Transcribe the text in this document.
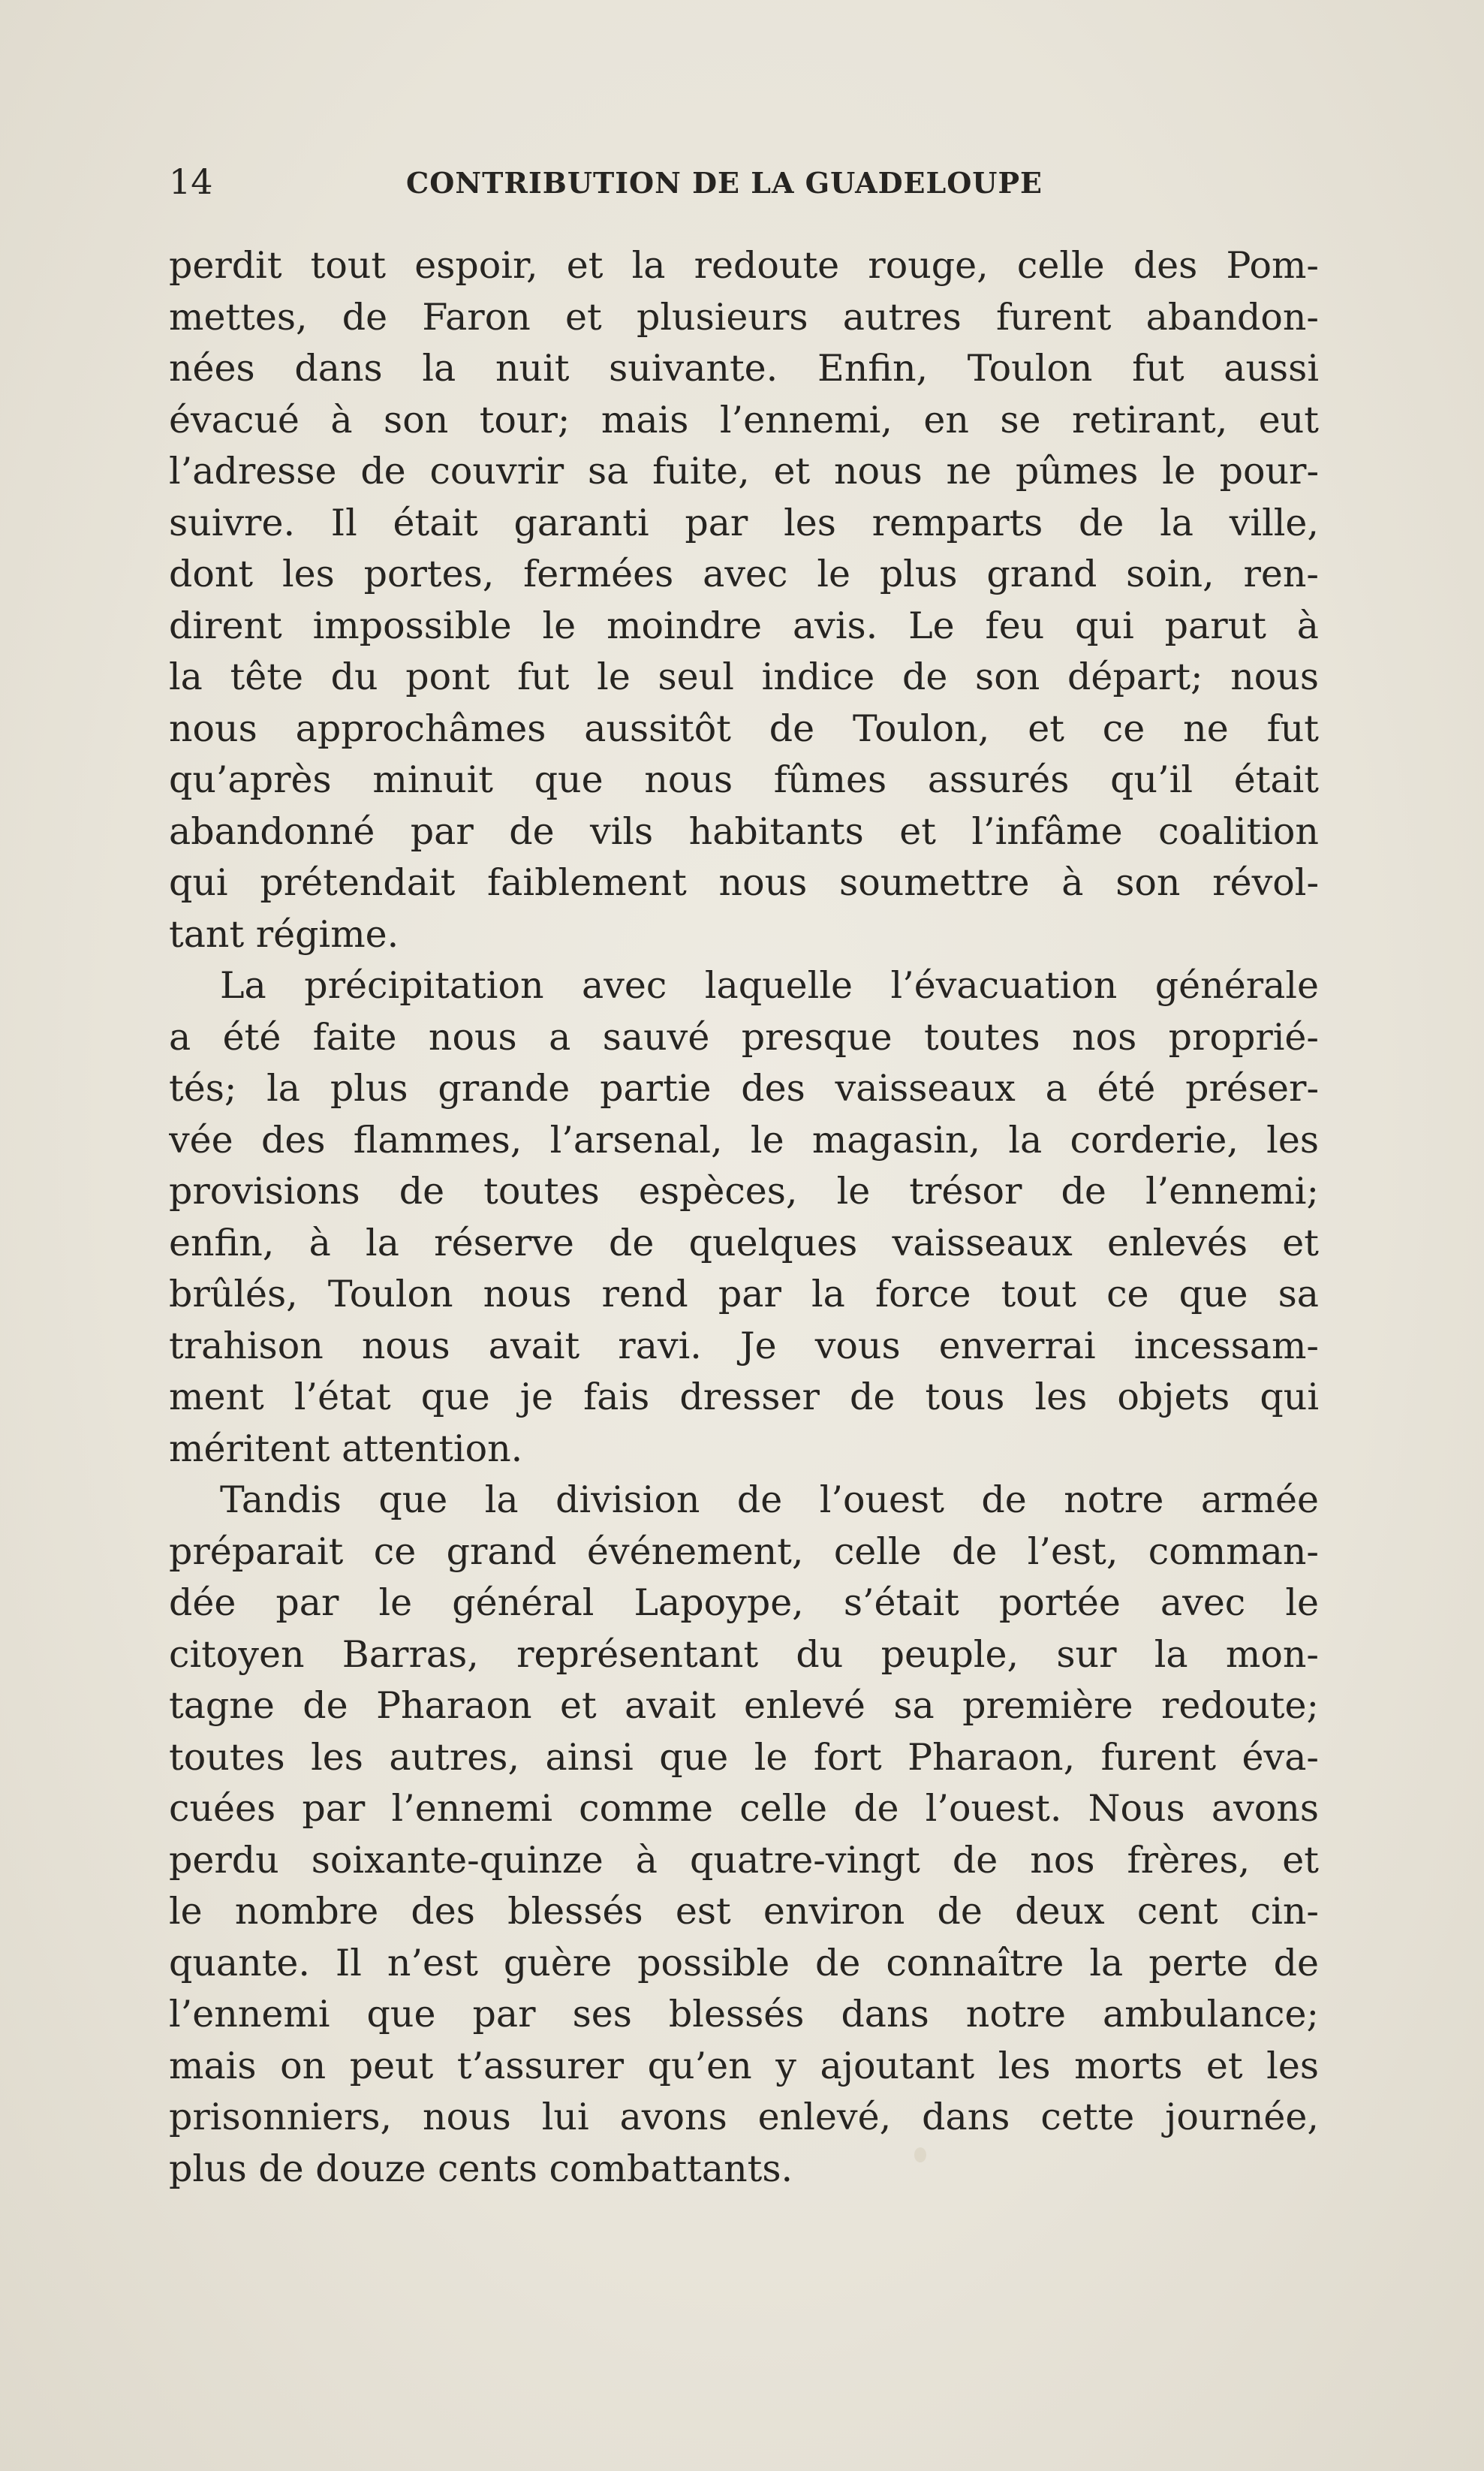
14	CONTRIBUTION DE LA GUADELOUPE
perdit tout espoir, et la redoute rouge, celle des Pom-
mettes, de Faron et plusieurs autres furent abandon-
nées dans la nuit suivante. Enfin, Toulon fut aussi
évacué à son tour; mais l’ennemi, en se retirant, eut
l’adresse de couvrir sa fuite, et nous ne pûmes le pour-
suivre. Il était garanti par les remparts de la ville,
dont les portes, fermées avec le plus grand soin, ren-
dirent impossible le moindre avis. Le feu qui parut à
la tête du pont fut le seul indice de son départ; nous
nous approchâmes aussitôt de Toulon, et ce ne fut
qu’après minuit que nous fûmes assurés qu’il était
abandonné par de vils habitants et l’infâme coalition
qui prétendait faiblement nous soumettre à son révol-
tant régime.
La précipitation avec laquelle l’évacuation générale
a été faite nous a sauvé presque toutes nos proprié-
tés; la plus grande partie des vaisseaux a été préser-
vée des flammes, l’arsenal, le magasin, la corderie, les
provisions de toutes espèces, le trésor de l’ennemi;
enfin, à la réserve de quelques vaisseaux enlevés et
brûlés, Toulon nous rend par la force tout ce que sa
trahison nous avait ravi. Je vous enverrai incessam-
ment l’état que je fais dresser de tous les objets qui
méritent attention.
Tandis que la division de l’ouest de notre armée
préparait ce grand événement, celle de l’est, comman-
dée par le général Lapoype, s’était portée avec le
citoyen Barras, représentant du peuple, sur la mon-
tagne de Pharaon et avait enlevé sa première redoute;
toutes les autres, ainsi que le fort Pharaon, furent éva-
cuées par l’ennemi comme celle de l’ouest. Nous avons
perdu soixante-quinze à quatre-vingt de nos frères, et
le nombre des blessés est environ de deux cent cin-
quante. Il n’est guère possible de connaître la perte de
l’ennemi que par ses blessés dans notre ambulance;
mais on peut t’assurer qu’en y ajoutant les morts et les
prisonniers, nous lui avons enlevé, dans cette journée,
plus de douze cents combattants.
